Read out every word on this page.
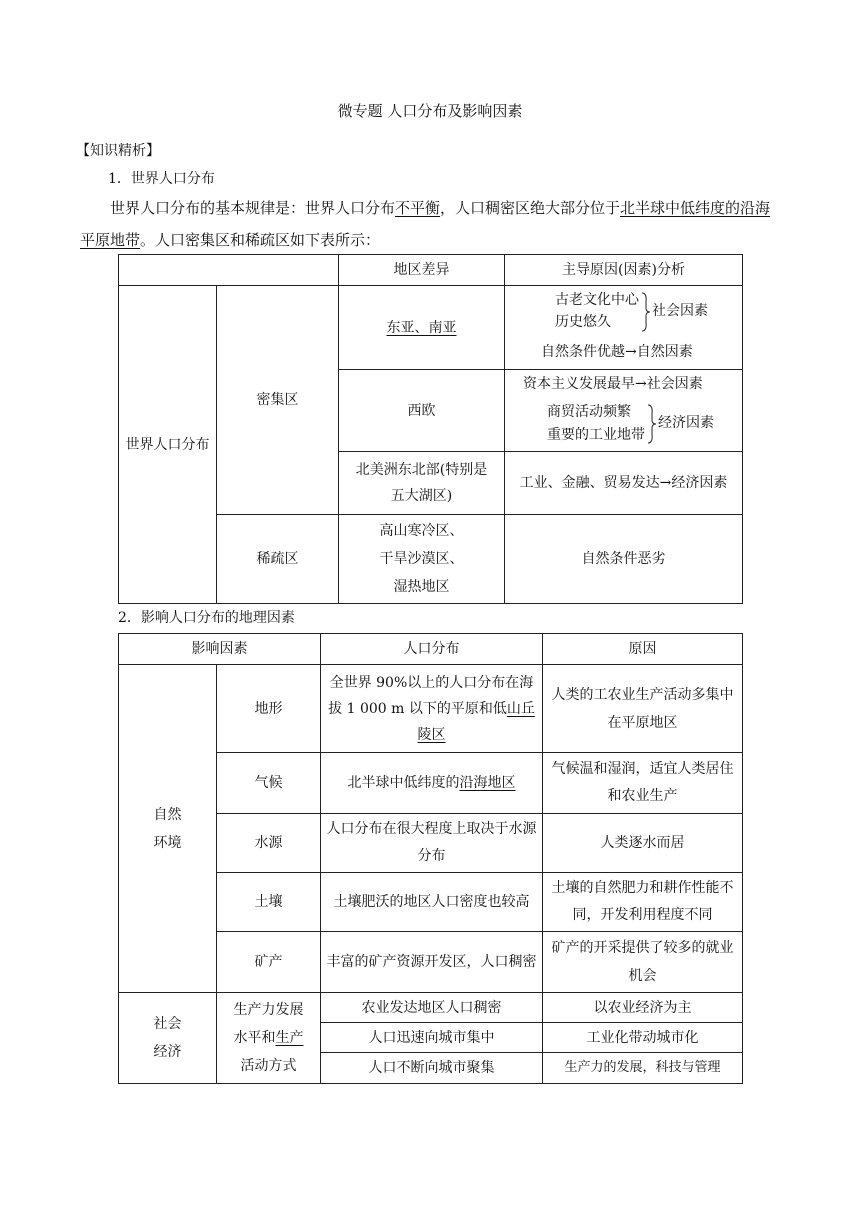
微专题 人口分布及影响因素
【知识精析】
1．世界人口分布
世界人口分布的基本规律是：世界人口分布不平衡，人口稠密区绝大部分位于北半球中低纬度的沿海平原地带。人口密集区和稀疏区如下表所示：
		地区差异	主导原因(因素)分析
世界人口分布	密集区	东亚、南亚	古老文化中心
历史悠久
社会因素
自然条件优越→自然因素

		西欧	资本主义发展最早→社会因素
商贸活动频繁
重要的工业地带
经济因素

		北美洲东北部(特别是
五大湖区)	工业、金融、贸易发达→经济因素
	稀疏区	高山寒冷区、
干旱沙漠区、
湿热地区	自然条件恶劣
2．影响人口分布的地理因素
影响因素		人口分布	原因

自然
环境	地形	全世界 90%以上的人口分布在海拔 1 000 m 以下的平原和低山丘陵区	人类的工农业生产活动多集中在平原地区
	气候	北半球中低纬度的沿海地区	气候温和湿润，适宜人类居住和农业生产
	水源	人口分布在很大程度上取决于水源分布	人类逐水而居
	土壤	土壤肥沃的地区人口密度也较高	土壤的自然肥力和耕作性能不同，开发利用程度不同
	矿产	丰富的矿产资源开发区，人口稠密	矿产的开采提供了较多的就业机会

社会
经济	生产力发展
水平和生产
活动方式	农业发达地区人口稠密	以农业经济为主
		人口迅速向城市集中	工业化带动城市化
		人口不断向城市聚集	生产力的发展，科技与管理
